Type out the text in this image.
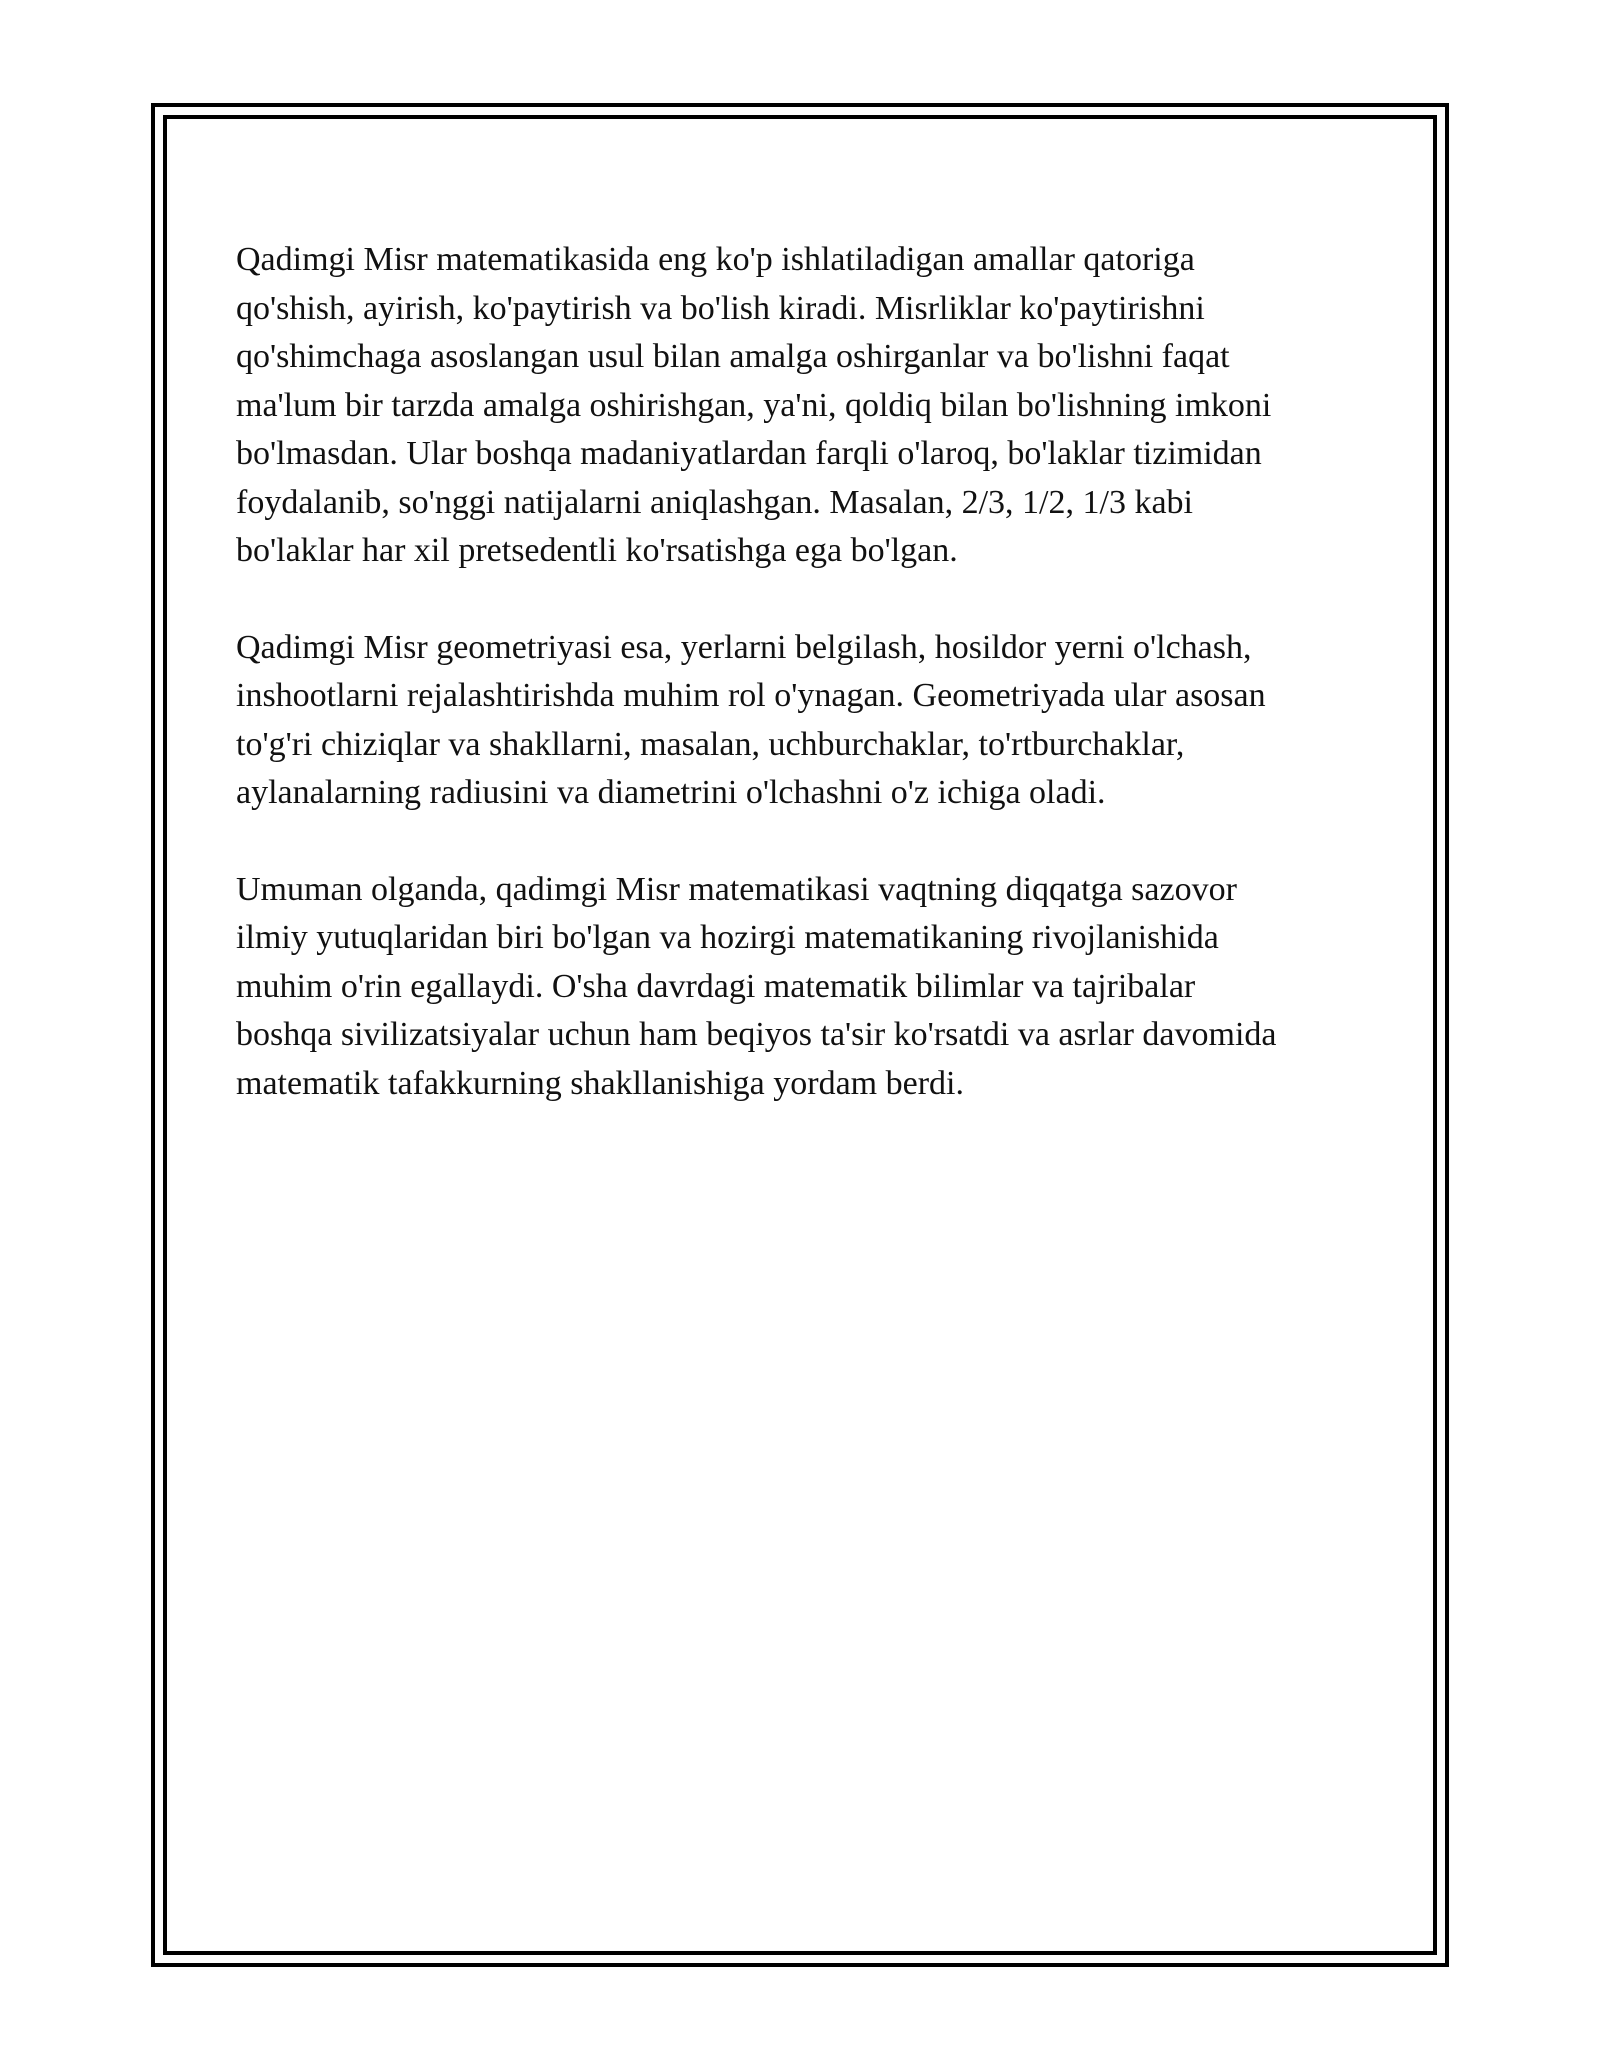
Qadimgi Misr matematikasida eng ko'p ishlatiladigan amallar qatoriga
qo'shish, ayirish, ko'paytirish va bo'lish kiradi. Misrliklar ko'paytirishni
qo'shimchaga asoslangan usul bilan amalga oshirganlar va bo'lishni faqat
ma'lum bir tarzda amalga oshirishgan, ya'ni, qoldiq bilan bo'lishning imkoni
bo'lmasdan. Ular boshqa madaniyatlardan farqli o'laroq, bo'laklar tizimidan
foydalanib, so'nggi natijalarni aniqlashgan. Masalan, 2/3, 1/2, 1/3 kabi
bo'laklar har xil pretsedentli ko'rsatishga ega bo'lgan.

Qadimgi Misr geometriyasi esa, yerlarni belgilash, hosildor yerni o'lchash,
inshootlarni rejalashtirishda muhim rol o'ynagan. Geometriyada ular asosan
to'g'ri chiziqlar va shakllarni, masalan, uchburchaklar, to'rtburchaklar,
aylanalarning radiusini va diametrini o'lchashni o'z ichiga oladi.

Umuman olganda, qadimgi Misr matematikasi vaqtning diqqatga sazovor
ilmiy yutuqlaridan biri bo'lgan va hozirgi matematikaning rivojlanishida
muhim o'rin egallaydi. O'sha davrdagi matematik bilimlar va tajribalar
boshqa sivilizatsiyalar uchun ham beqiyos ta'sir ko'rsatdi va asrlar davomida
matematik tafakkurning shakllanishiga yordam berdi.
